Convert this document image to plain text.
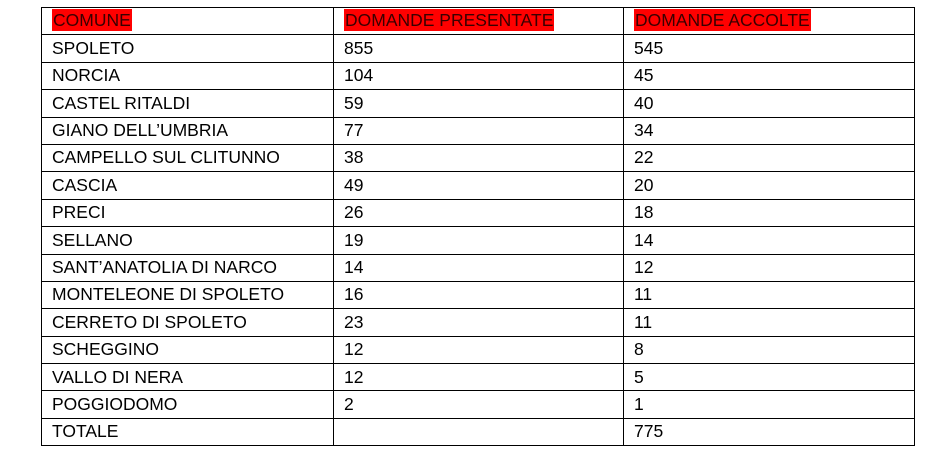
COMUNE	DOMANDE PRESENTATE	DOMANDE ACCOLTE
SPOLETO	855	545
NORCIA	104	45
CASTEL RITALDI	59	40
GIANO DELL’UMBRIA	77	34
CAMPELLO SUL CLITUNNO	38	22
CASCIA	49	20
PRECI	26	18
SELLANO	19	14
SANT’ANATOLIA DI NARCO	14	12
MONTELEONE DI SPOLETO	16	11
CERRETO DI SPOLETO	23	11
SCHEGGINO	12	8
VALLO DI NERA	12	5
POGGIODOMO	2	1
TOTALE		775
